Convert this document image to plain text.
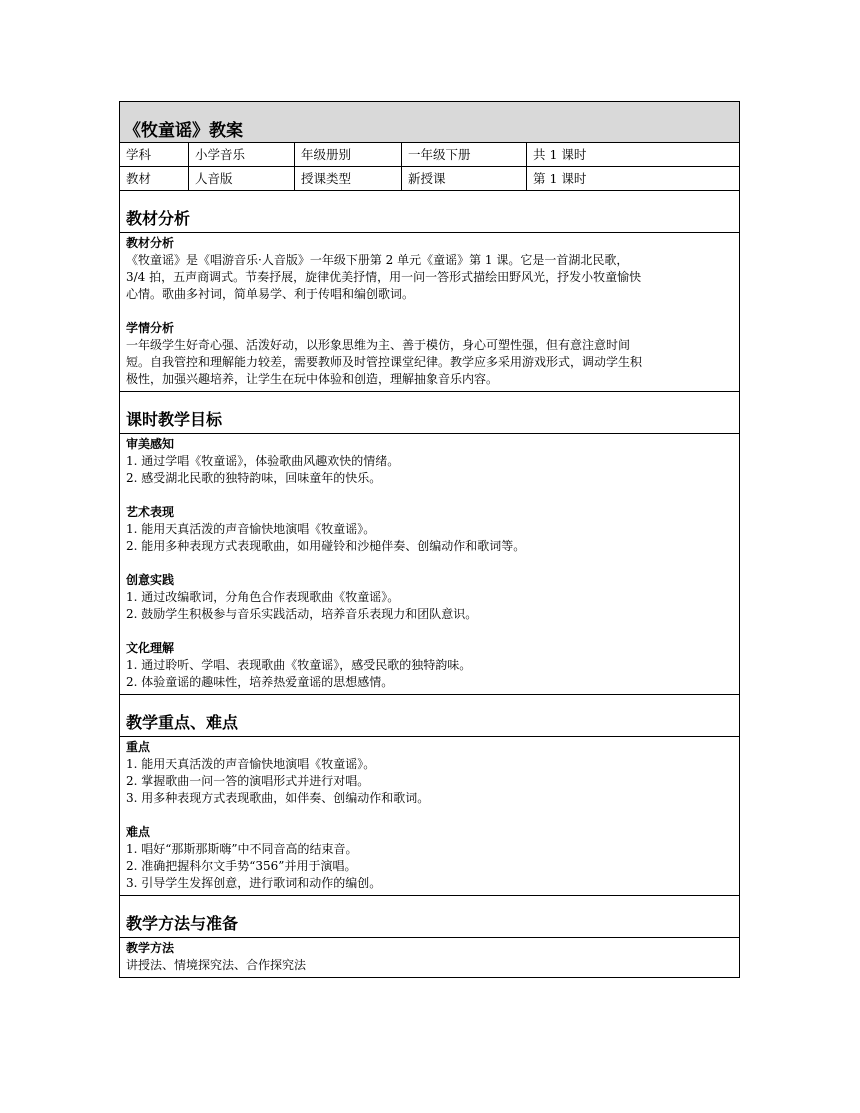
《牧童谣》教案
学科	小学音乐	年级册别	一年级下册	共 1 课时
教材	人音版	授课类型	新授课	第 1 课时
教材分析
教材分析
《牧童谣》是《唱游音乐·人音版》一年级下册第 2 单元《童谣》第 1 课。它是一首湖北民歌，
3/4 拍，五声商调式。节奏抒展，旋律优美抒情，用一问一答形式描绘田野风光，抒发小牧童愉快
心情。歌曲多衬词，简单易学、利于传唱和编创歌词。
学情分析
一年级学生好奇心强、活泼好动，以形象思维为主、善于模仿，身心可塑性强，但有意注意时间
短。自我管控和理解能力较差，需要教师及时管控课堂纪律。教学应多采用游戏形式，调动学生积
极性，加强兴趣培养，让学生在玩中体验和创造，理解抽象音乐内容。
课时教学目标
审美感知
1. 通过学唱《牧童谣》，体验歌曲风趣欢快的情绪。
2. 感受湖北民歌的独特韵味，回味童年的快乐。
艺术表现
1. 能用天真活泼的声音愉快地演唱《牧童谣》。
2. 能用多种表现方式表现歌曲，如用碰铃和沙槌伴奏、创编动作和歌词等。
创意实践
1. 通过改编歌词，分角色合作表现歌曲《牧童谣》。
2. 鼓励学生积极参与音乐实践活动，培养音乐表现力和团队意识。
文化理解
1. 通过聆听、学唱、表现歌曲《牧童谣》，感受民歌的独特韵味。
2. 体验童谣的趣味性，培养热爱童谣的思想感情。
教学重点、难点
重点
1. 能用天真活泼的声音愉快地演唱《牧童谣》。
2. 掌握歌曲一问一答的演唱形式并进行对唱。
3. 用多种表现方式表现歌曲，如伴奏、创编动作和歌词。
难点
1. 唱好“那斯那斯嗨”中不同音高的结束音。
2. 准确把握科尔文手势“356”并用于演唱。
3. 引导学生发挥创意，进行歌词和动作的编创。
教学方法与准备
教学方法
讲授法、情境探究法、合作探究法
